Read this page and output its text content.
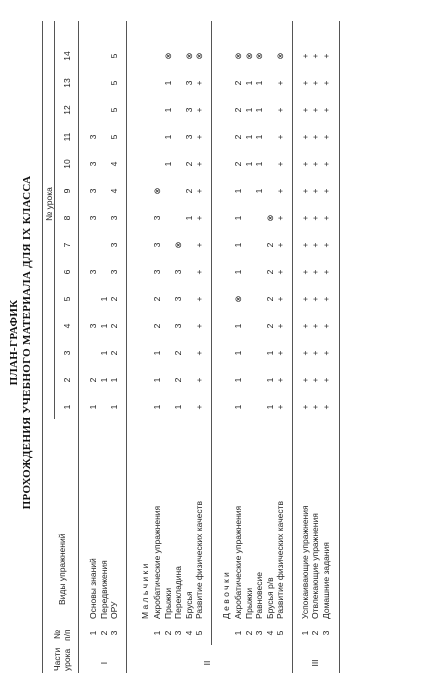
ПЛАН-ГРАФИК ПРОХОЖДЕНИЯ УЧЕБНОГО МАТЕРИАЛА ДЛЯ IX КЛАССА
Части урока
№ п/п
Виды упражнений
№ урока
1
2
3
4
5
6
7
8
9
10
11
12
13
14
1
Основы знаний
1
2
3
3
3
3
3
3
2
Передвижения
1
1
1
1
3
ОРУ
1
1
2
2
2
3
3
3
4
4
5
5
5
5
I
М а л ь ч и к и
1
Акробатические упражнения
1
1
1
2
2
3
3
3
⊗
2
Прыжки
1
1
1
1
⊗
3
Перекладина
1
2
2
3
3
3
⊗
4
Брусья
1
2
2
3
3
3
⊗
5
Развитие физических качеств
+
+
+
+
+
+
+
+
+
+
+
+
+
⊗
Д е в о ч к и
1
Акробатические упражнения
1
1
1
1
⊗
1
1
1
1
2
2
2
2
⊗
2
Прыжки
1
1
1
1
⊗
3
Равновесие
1
1
1
1
1
⊗
4
Брусья р/в
1
1
1
2
2
2
2
⊗
5
Развитие физических качеств
+
+
+
+
+
+
+
+
+
+
+
+
+
⊗
II
1
Успокаивающие упражнения
+
+
+
+
+
+
+
+
+
+
+
+
+
+
2
Отвлекающие упражнения
+
+
+
+
+
+
+
+
+
+
+
+
+
+
3
Домашние задания
+
+
+
+
+
+
+
+
+
+
+
+
+
+
III
